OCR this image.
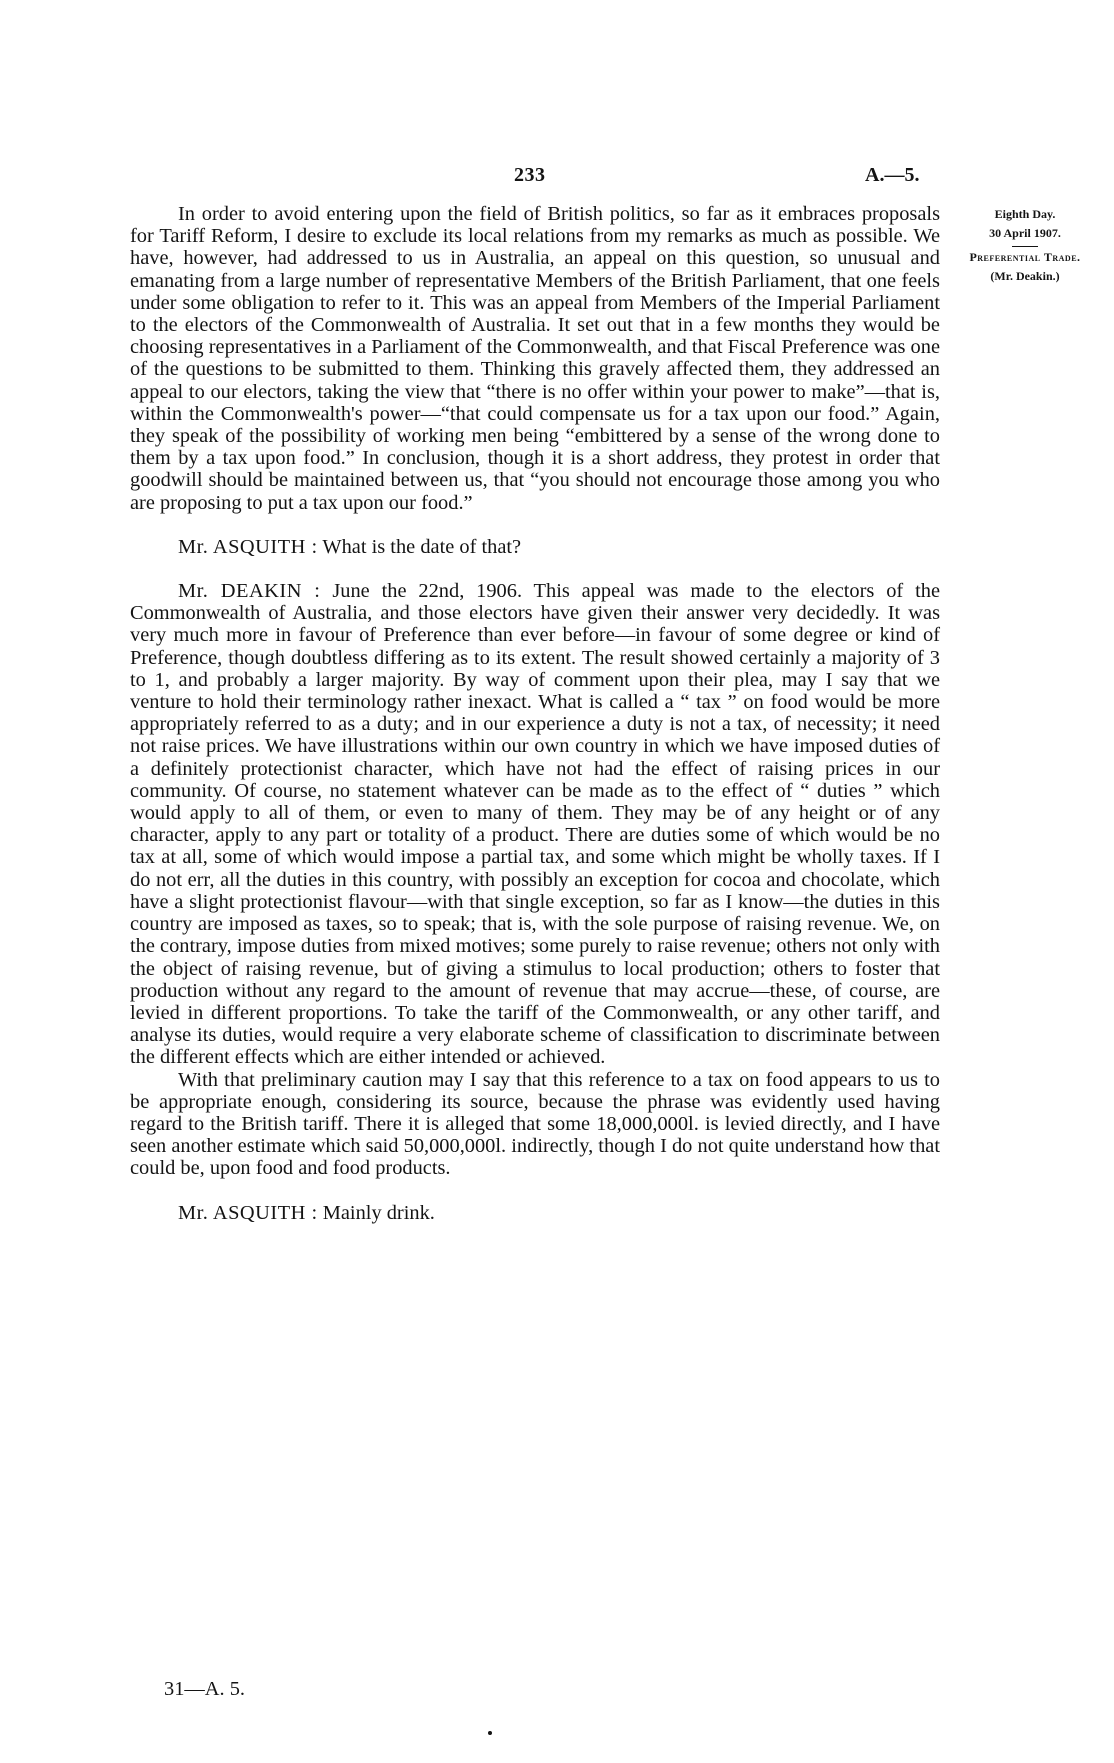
233	A.—5.
Eighth Day.
30 April 1907.
Preferential Trade.
(Mr. Deakin.)

In order to avoid entering upon the field of British politics, so far as it embraces proposals for Tariff Reform, I desire to exclude its local relations from my remarks as much as possible. We have, however, had addressed to us in Australia, an appeal on this question, so unusual and emanating from a large number of representative Members of the British Parliament, that one feels under some obligation to refer to it. This was an appeal from Members of the Imperial Parliament to the electors of the Commonwealth of Australia. It set out that in a few months they would be choosing representatives in a Parliament of the Commonwealth, and that Fiscal Preference was one of the questions to be submitted to them. Thinking this gravely affected them, they addressed an appeal to our electors, taking the view that “there is no offer within your power to make”—that is, within the Commonwealth's power—“that could compensate us for a tax upon our food.” Again, they speak of the possibility of working men being “embittered by a sense of the wrong done to them by a tax upon food.” In conclusion, though it is a short address, they protest in order that goodwill should be maintained between us, that “you should not encourage those among you who are proposing to put a tax upon our food.”

Mr. ASQUITH : What is the date of that?

Mr. DEAKIN : June the 22nd, 1906. This appeal was made to the electors of the Commonwealth of Australia, and those electors have given their answer very decidedly. It was very much more in favour of Preference than ever before—in favour of some degree or kind of Preference, though doubtless differing as to its extent. The result showed certainly a majority of 3 to 1, and probably a larger majority. By way of comment upon their plea, may I say that we venture to hold their terminology rather inexact. What is called a “ tax ” on food would be more appropriately referred to as a duty; and in our experience a duty is not a tax, of necessity; it need not raise prices. We have illustrations within our own country in which we have imposed duties of a definitely protectionist character, which have not had the effect of raising prices in our community. Of course, no statement whatever can be made as to the effect of “ duties ” which would apply to all of them, or even to many of them. They may be of any height or of any character, apply to any part or totality of a product. There are duties some of which would be no tax at all, some of which would impose a partial tax, and some which might be wholly taxes. If I do not err, all the duties in this country, with possibly an exception for cocoa and chocolate, which have a slight protectionist flavour—with that single exception, so far as I know—the duties in this country are imposed as taxes, so to speak; that is, with the sole purpose of raising revenue. We, on the contrary, impose duties from mixed motives; some purely to raise revenue; others not only with the object of raising revenue, but of giving a stimulus to local production; others to foster that production without any regard to the amount of revenue that may accrue—these, of course, are levied in different proportions. To take the tariff of the Commonwealth, or any other tariff, and analyse its duties, would require a very elaborate scheme of classification to discriminate between the different effects which are either intended or achieved.

With that preliminary caution may I say that this reference to a tax on food appears to us to be appropriate enough, considering its source, because the phrase was evidently used having regard to the British tariff. There it is alleged that some 18,000,000l. is levied directly, and I have seen another estimate which said 50,000,000l. indirectly, though I do not quite understand how that could be, upon food and food products.

Mr. ASQUITH : Mainly drink.

31—A. 5.
